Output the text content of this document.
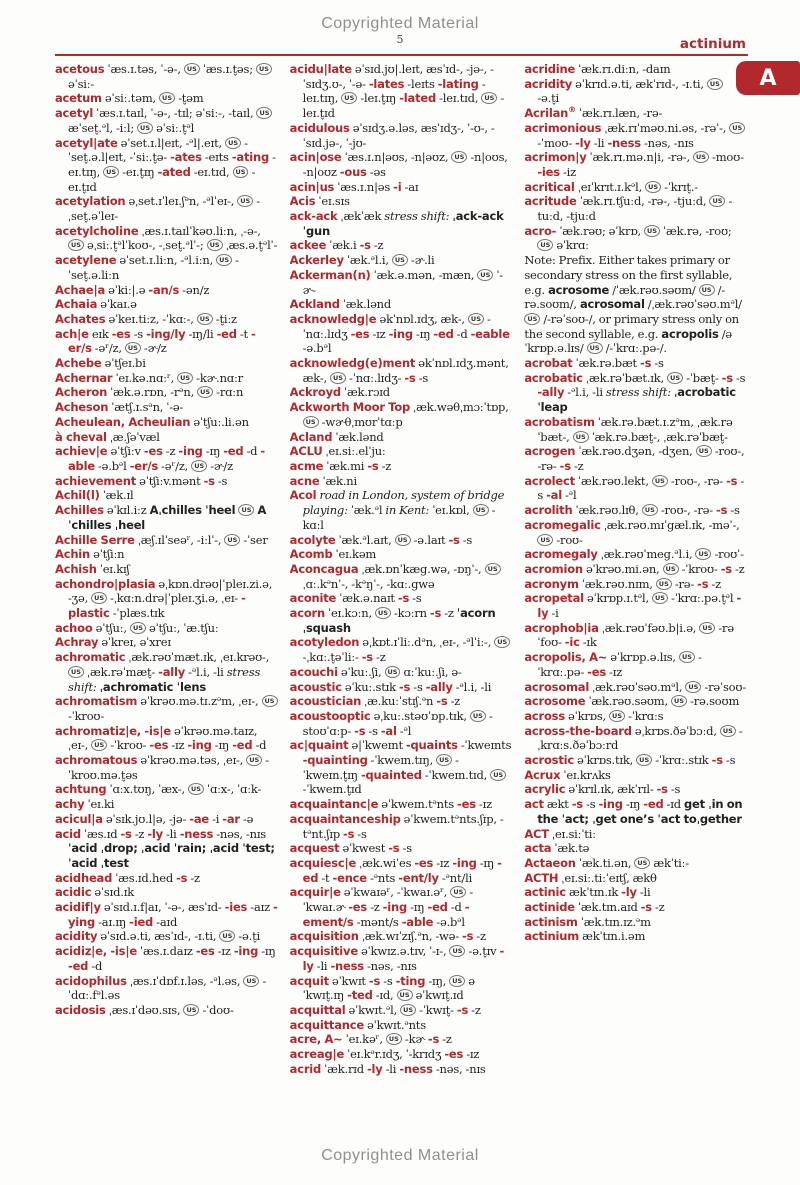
Copyrighted Material
5	actinium
A

acetous ˈæs.ɪ.təs, ˈ-ə-, US ˈæs.ɪ.t̬əs; US əˈsiː-

acetum əˈsiː.təm, US -t̬əm

acetyl ˈæs.ɪ.taɪl, ˈ-ə-, -tɪl; əˈsiː-, -taɪl, US æˈset̬.ᵊl, -iːl; US əˈsiː.t̬ᵊl

acetyl|ate əˈset.ɪ.l|eɪt, -ᵊl|.eɪt, US -ˈset̬.ə.l|eɪt, -ˈsiː.t̬ə- -ates -eɪts -ating -eɪ.tɪŋ, US -eɪ.t̬ɪŋ -ated -eɪ.tɪd, US -eɪ.t̬ɪd

acetylation əˌset.ɪˈleɪ.ʃᵊn, -ᵊlˈeɪ-, US -ˌset̬.əˈleɪ-

acetylcholine ˌæs.ɪ.taɪlˈkəʊ.liːn, ˌ-ə-, US əˌsiː.t̬ᵊlˈkoʊ-, -ˌset̬.ᵊlˈ-; US ˌæs.ə.t̬ᵊlˈ-

acetylene əˈset.ɪ.liːn, -ᵊl.iːn, US -ˈset̬.ə.liːn

Achae|a əˈkiː|.ə -an/s -ən/z

Achaia əˈkaɪ.ə

Achates əˈkeɪ.tiːz, -ˈkɑː-, US -t̬iːz

ach|e eɪk -es -s -ing/ly -ɪŋ/li -ed -t -er/s -əʳ/z, US -ɚ/z

Achebe əˈtʃeɪ.bi

Achernar ˈeɪ.kə.nɑːʳ, US -kɚ.nɑːr

Acheron ˈæk.ə.rɒn, -rᵊn, US -rɑːn

Acheson ˈætʃ.ɪ.sᵊn, ˈ-ə-

Acheulean, Acheulian əˈtʃuː.li.ən

à cheval ˌæ.ʃəˈvæl

achiev|e əˈtʃiːv -es -z -ing -ɪŋ -ed -d -able -ə.bᵊl -er/s -əʳ/z, US -ɚ/z

achievement əˈtʃiːv.mənt -s -s

Achil(l) ˈæk.ɪl

Achilles əˈkɪl.iːz Aˌchilles ˈheel US Aˈchilles ˌheel

Achille Serre ˌæʃ.ɪlˈseəʳ, -iːlˈ-, US -ˈser

Achin əˈtʃiːn

Achish ˈeɪ.kɪʃ

achondro|plasia əˌkɒn.drəʊ|ˈpleɪ.zi.ə, -ʒə, US -ˌkɑːn.drə|ˈpleɪ.ʒi.ə, ˌeɪ- -plastic -ˈplæs.tɪk

achoo əˈtʃuː, US əˈtʃuː, ˈæ.tʃuː

Achray əˈkreɪ, əˈxreɪ

achromatic ˌæk.rəʊˈmæt.ɪk, ˌeɪ.krəʊ-, US ˌæk.rəˈmæt̬- -ally -ᵊl.i, -li stress shift: ˌachromatic ˈlens

achromatism əˈkrəʊ.mə.tɪ.zᵊm, ˌeɪ-, US -ˈkroʊ-

achromatiz|e, -is|e əˈkrəʊ.mə.taɪz, ˌeɪ-, US -ˈkroʊ- -es -ɪz -ing -ɪŋ -ed -d

achromatous əˈkrəʊ.mə.təs, ˌeɪ-, US -ˈkroʊ.mə.t̬əs

achtung ˈɑːx.tʊŋ, ˈæx-, US ˈɑːx-, ˈɑːk-

achy ˈeɪ.ki

acicul|a əˈsɪk.jʊ.l|ə, -jə- -ae -i -ar -ə

acid ˈæs.ɪd -s -z -ly -li -ness -nəs, -nɪs ˈacid ˌdrop; ˌacid ˈrain; ˌacid ˈtest; ˈacid ˌtest

acidhead ˈæs.ɪd.hed -s -z

acidic əˈsɪd.ɪk

acidif|y əˈsɪd.ɪ.f|aɪ, ˈ-ə-, æsˈɪd- -ies -aɪz -ying -aɪ.ɪŋ -ied -aɪd

acidity əˈsɪd.ə.ti, æsˈɪd-, -ɪ.ti, US -ə.t̬i

acidiz|e, -is|e ˈæs.ɪ.daɪz -es -ɪz -ing -ɪŋ -ed -d

acidophilus ˌæs.ɪˈdɒf.ɪ.ləs, -ᵊl.əs, US -ˈdɑː.fᵊl.əs

acidosis ˌæs.ɪˈdəʊ.sɪs, US -ˈdoʊ-

acidu|late əˈsɪd.jʊ|.leɪt, æsˈɪd-, -jə-, -ˈsɪdʒ.ʊ-, ˈ-ə- -lates -leɪts -lating -leɪ.tɪŋ, US -leɪ.t̬ɪŋ -lated -leɪ.tɪd, US -leɪ.t̬ɪd

acidulous əˈsɪdʒ.ə.ləs, æsˈɪdʒ-, ˈ-ʊ-, -ˈsɪd.jə-, ˈ-jʊ-

acin|ose ˈæs.ɪ.n|əʊs, -n|əʊz, US -n|oʊs, -n|oʊz -ous -əs

acin|us ˈæs.ɪ.n|əs -i -aɪ

Acis ˈeɪ.sɪs

ack-ack ˌækˈæk stress shift: ˌack-ack ˈgun

ackee ˈæk.i -s -z

Ackerley ˈæk.ᵊl.i, US -ɚ.li

Ackerman(n) ˈæk.ə.mən, -mæn, US ˈ-ɚ-

Ackland ˈæk.lənd

acknowledg|e əkˈnɒl.ɪdʒ, æk-, US -ˈnɑː.lɪdʒ -es -ɪz -ing -ɪŋ -ed -d -eable -ə.bᵊl

acknowledg(e)ment əkˈnɒl.ɪdʒ.mənt, æk-, US -ˈnɑː.lɪdʒ- -s -s

Ackroyd ˈæk.rɔɪd

Ackworth Moor Top ˌæk.wəθˌmɔːˈtɒp, US -wɚθˌmʊrˈtɑːp

Acland ˈæk.lənd

ACLU ˌeɪ.siː.elˈjuː

acme ˈæk.mi -s -z

acne ˈæk.ni

Acol road in London, system of bridge playing: ˈæk.ᵊl in Kent: ˈeɪ.kɒl, US -kɑːl

acolyte ˈæk.ᵊl.aɪt, US -ə.laɪt -s -s

Acomb ˈeɪ.kəm

Aconcagua ˌæk.ɒnˈkæg.wə, -ɒŋˈ-, US ˌɑː.kᵊnˈ-, -kᵊŋˈ-, -kɑː.gwə

aconite ˈæk.ə.naɪt -s -s

acorn ˈeɪ.kɔːn, US -kɔːrn -s -z ˈacorn ˌsquash

acotyledon əˌkɒt.ɪˈliː.dᵊn, ˌeɪ-, -ᵊlˈiː-, US -ˌkɑː.t̬əˈliː- -s -z

acouchi əˈkuː.ʃi, US ɑːˈkuː.ʃi, ə-

acoustic əˈkuː.stɪk -s -s -ally -ᵊl.i, -li

acoustician ˌæ.kuːˈstɪʃ.ᵊn -s -z

acoustooptic əˌkuː.stəʊˈɒp.tɪk, US -stoʊˈɑːp- -s -s -al -ᵊl

ac|quaint ə|ˈkweɪnt -quaints -ˈkweɪnts -quainting -ˈkweɪn.tɪŋ, US -ˈkweɪn.t̬ɪŋ -quainted -ˈkweɪn.tɪd, US -ˈkweɪn.t̬ɪd

acquaintanc|e əˈkweɪn.tᵊnts -es -ɪz

acquaintanceship əˈkweɪn.tᵊnts.ʃɪp, -tᵊnt.ʃɪp -s -s

acquest əˈkwest -s -s

acquiesc|e ˌæk.wiˈes -es -ɪz -ing -ɪŋ -ed -t -ence -ᵊnts -ent/ly -ᵊnt/li

acquir|e əˈkwaɪəʳ, -ˈkwaɪ.əʳ, US -ˈkwaɪ.ɚ -es -z -ing -ɪŋ -ed -d -ement/s -mənt/s -able -ə.bᵊl

acquisition ˌæk.wɪˈzɪʃ.ᵊn, -wə- -s -z

acquisitive əˈkwɪz.ə.tɪv, ˈ-ɪ-, US -ə.t̬ɪv -ly -li -ness -nəs, -nɪs

acquit əˈkwɪt -s -s -ting -ɪŋ, US əˈkwɪt̬.ɪŋ -ted -ɪd, US əˈkwɪt̬.ɪd

acquittal əˈkwɪt.ᵊl, US -ˈkwɪt̬- -s -z

acquittance əˈkwɪt.ᵊnts

acre, A~ ˈeɪ.kəʳ, US -kɚ -s -z

acreag|e ˈeɪ.kᵊr.ɪdʒ, ˈ-krɪdʒ -es -ɪz

acrid ˈæk.rɪd -ly -li -ness -nəs, -nɪs

acridine ˈæk.rɪ.diːn, -daɪn

acridity əˈkrɪd.ə.ti, ækˈrɪd-, -ɪ.ti, US -ə.t̬i

Acrilan® ˈæk.rɪ.læn, -rə-

acrimonious ˌæk.rɪˈməʊ.ni.əs, -rəˈ-, US -ˈmoʊ- -ly -li -ness -nəs, -nɪs

acrimon|y ˈæk.rɪ.mə.n|i, -rə-, US -moʊ- -ies -iz

acritical ˌeɪˈkrɪt.ɪ.kᵊl, US -ˈkrɪt̬.-

acritude ˈæk.rɪ.tʃuːd, -rə-, -tjuːd, US -tuːd, -tjuːd

acro- ˈæk.rəʊ; əˈkrɒ, US ˈæk.rə, -roʊ; US əˈkrɑː

Note: Prefix. Either takes primary or secondary stress on the first syllable, e.g. acrosome /ˈæk.rəʊ.səʊm/ US /-rə.soʊm/, acrosomal /ˌæk.rəʊˈsəʊ.mᵊl/ US /-rəˈsoʊ-/, or primary stress only on the second syllable, e.g. acropolis /əˈkrɒp.ə.lɪs/ US /-ˈkrɑː.pə-/.

acrobat ˈæk.rə.bæt -s -s

acrobatic ˌæk.rəˈbæt.ɪk, US -ˈbæt̬- -s -s -ally -ᵊl.i, -li stress shift: ˌacrobatic ˈleap

acrobatism ˈæk.rə.bæt.ɪ.zᵊm, ˌæk.rəˈbæt-, US ˈæk.rə.bæt̬-, ˌæk.rəˈbæt̬-

acrogen ˈæk.rəʊ.dʒən, -dʒen, US -roʊ-, -rə- -s -z

acrolect ˈæk.rəʊ.lekt, US -roʊ-, -rə- -s -s -al -ᵊl

acrolith ˈæk.rəʊ.lɪθ, US -roʊ-, -rə- -s -s

acromegalic ˌæk.rəʊ.mɪˈgæl.ɪk, -məˈ-, US -roʊ-

acromegaly ˌæk.rəʊˈmeg.ᵊl.i, US -roʊˈ-

acromion əˈkrəʊ.mi.ən, US -ˈkroʊ- -s -z

acronym ˈæk.rəʊ.nɪm, US -rə- -s -z

acropetal əˈkrɒp.ɪ.tᵊl, US -ˈkrɑː.pə.t̬ᵊl -ly -i

acrophob|ia ˌæk.rəʊˈfəʊ.b|i.ə, US -rəˈfoʊ- -ic -ɪk

acropolis, A~ əˈkrɒp.ə.lɪs, US -ˈkrɑː.pə- -es -ɪz

acrosomal ˌæk.rəʊˈsəʊ.mᵊl, US -rəˈsoʊ-

acrosome ˈæk.rəʊ.səʊm, US -rə.soʊm

across əˈkrɒs, US -ˈkrɑːs

across-the-board əˌkrɒs.ðəˈbɔːd, US -ˌkrɑːs.ðəˈbɔːrd

acrostic əˈkrɒs.tɪk, US -ˈkrɑː.stɪk -s -s

Acrux ˈeɪ.krʌks

acrylic əˈkrɪl.ɪk, ækˈrɪl- -s -s

act ækt -s -s -ing -ɪŋ -ed -ɪd get ˌin on the ˈact; ˌget one’s ˈact toˌgether

ACT ˌeɪ.siːˈtiː

acta ˈæk.tə

Actaeon ˈæk.ti.ən, US ækˈtiː-

ACTH ˌeɪ.siː.tiːˈeɪtʃ, ækθ

actinic ækˈtɪn.ɪk -ly -li

actinide ˈæk.tɪn.aɪd -s -z

actinism ˈæk.tɪn.ɪz.ᵊm

actinium ækˈtɪn.i.əm

Copyrighted Material
